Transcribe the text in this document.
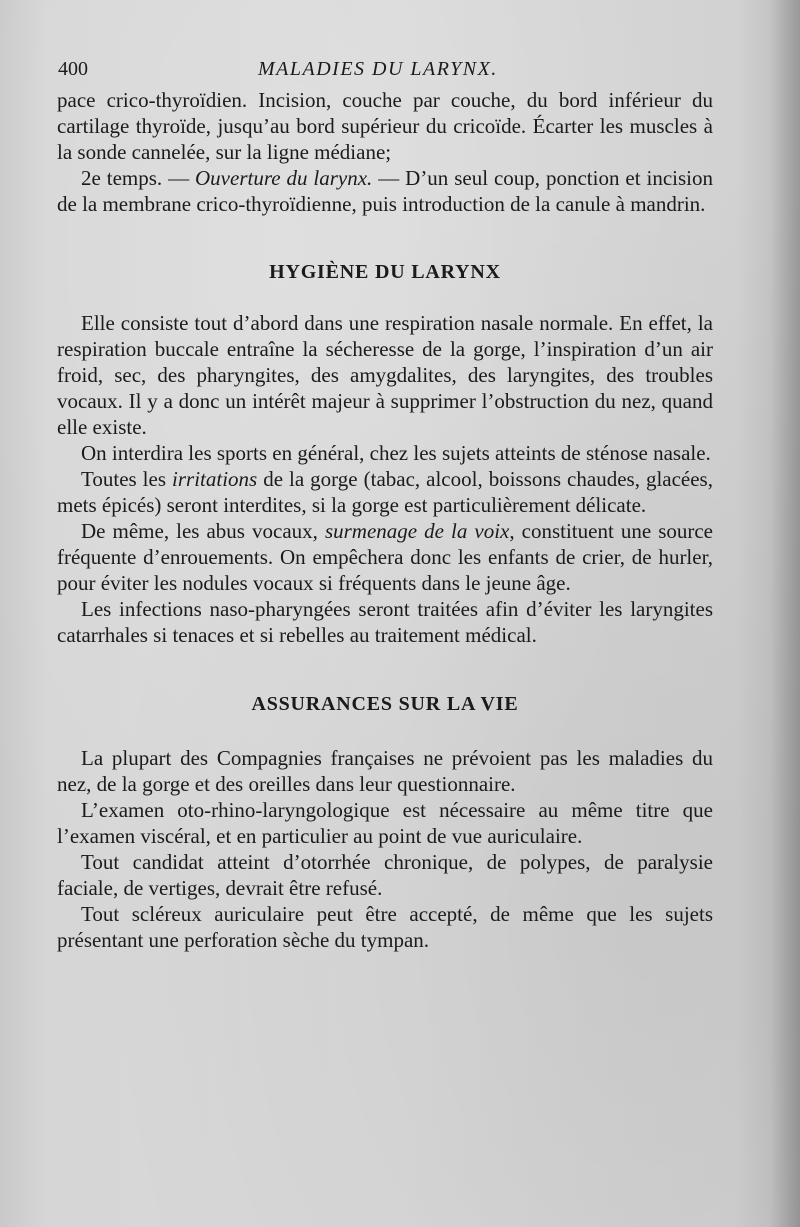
400	MALADIES DU LARYNX.

pace crico-thyroïdien. Incision, couche par couche, du bord inférieur du cartilage thyroïde, jusqu’au bord supérieur du cricoïde. Écarter les muscles à la sonde cannelée, sur la ligne médiane;

2e temps. — Ouverture du larynx. — D’un seul coup, ponction et incision de la membrane crico-thyroïdienne, puis introduction de la canule à mandrin.

HYGIÈNE DU LARYNX

Elle consiste tout d’abord dans une respiration nasale normale. En effet, la respiration buccale entraîne la sécheresse de la gorge, l’inspiration d’un air froid, sec, des pharyngites, des amygdalites, des laryngites, des troubles vocaux. Il y a donc un intérêt majeur à supprimer l’obstruction du nez, quand elle existe.

On interdira les sports en général, chez les sujets atteints de sténose nasale.

Toutes les irritations de la gorge (tabac, alcool, boissons chaudes, glacées, mets épicés) seront interdites, si la gorge est particulièrement délicate.

De même, les abus vocaux, surmenage de la voix, constituent une source fréquente d’enrouements. On empêchera donc les enfants de crier, de hurler, pour éviter les nodules vocaux si fréquents dans le jeune âge.

Les infections naso-pharyngées seront traitées afin d’éviter les laryngites catarrhales si tenaces et si rebelles au traitement médical.

ASSURANCES SUR LA VIE

La plupart des Compagnies françaises ne prévoient pas les maladies du nez, de la gorge et des oreilles dans leur questionnaire.

L’examen oto-rhino-laryngologique est nécessaire au même titre que l’examen viscéral, et en particulier au point de vue auriculaire.

Tout candidat atteint d’otorrhée chronique, de polypes, de paralysie faciale, de vertiges, devrait être refusé.

Tout scléreux auriculaire peut être accepté, de même que les sujets présentant une perforation sèche du tympan.
